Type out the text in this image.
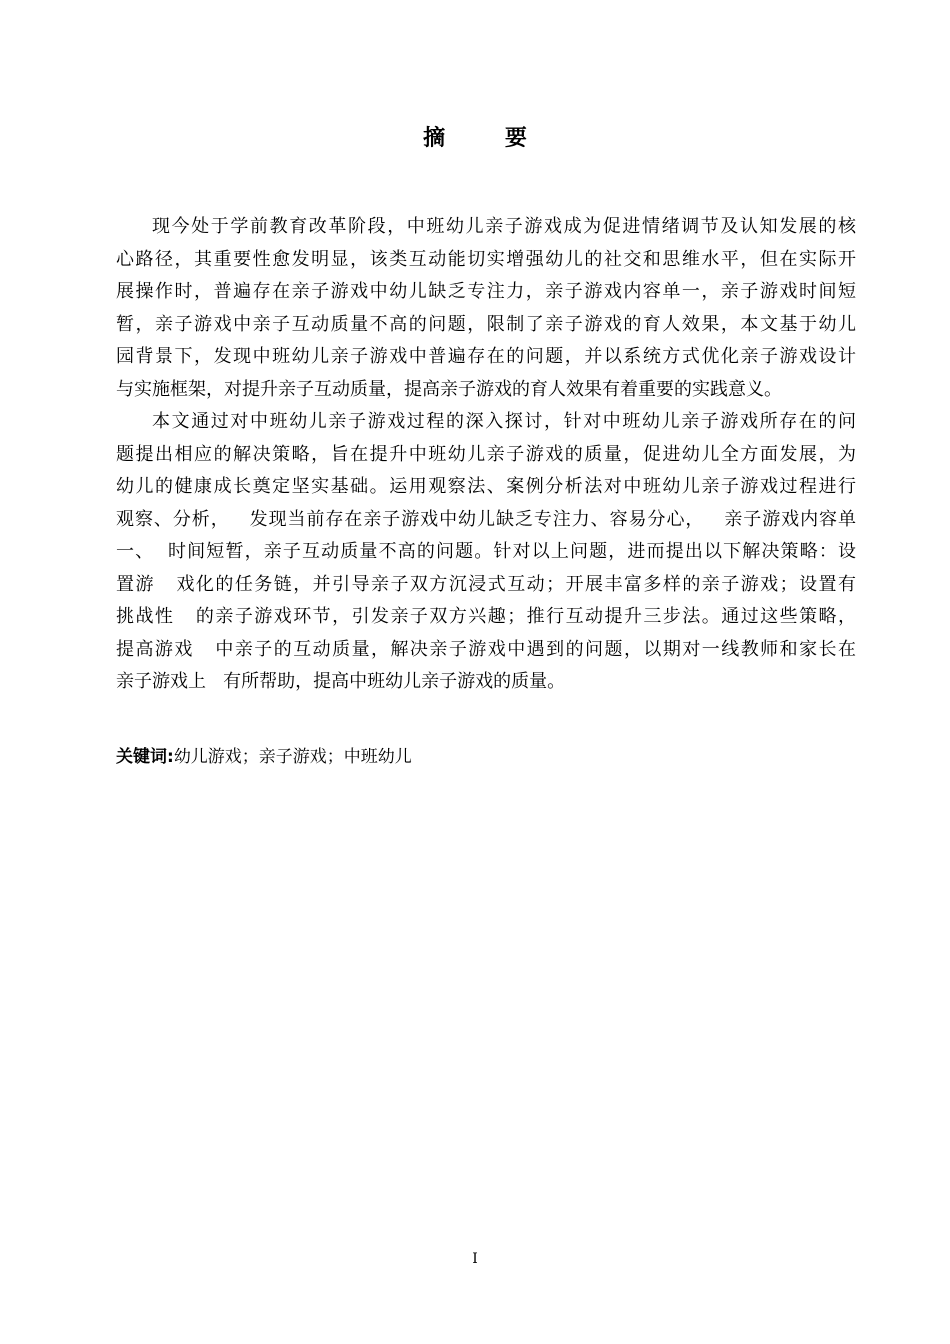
摘 要

现今处于学前教育改革阶段，中班幼儿亲子游戏成为促进情绪调节及认知发展的核
心路径，其重要性愈发明显，该类互动能切实增强幼儿的社交和思维水平，但在实际开
展操作时，普遍存在亲子游戏中幼儿缺乏专注力，亲子游戏内容单一，亲子游戏时间短
暂，亲子游戏中亲子互动质量不高的问题，限制了亲子游戏的育人效果，本文基于幼儿
园背景下，发现中班幼儿亲子游戏中普遍存在的问题，并以系统方式优化亲子游戏设计
与实施框架，对提升亲子互动质量，提高亲子游戏的育人效果有着重要的实践意义。

本文通过对中班幼儿亲子游戏过程的深入探讨，针对中班幼儿亲子游戏所存在的问
题提出相应的解决策略，旨在提升中班幼儿亲子游戏的质量，促进幼儿全方面发展，为
幼儿的健康成长奠定坚实基础。运用观察法、案例分析法对中班幼儿亲子游戏过程进行
观察、分析，   发现当前存在亲子游戏中幼儿缺乏专注力、容易分心，   亲子游戏内容单
一、  时间短暂，亲子互动质量不高的问题。针对以上问题，进而提出以下解决策略：设
置游   戏化的任务链，并引导亲子双方沉浸式互动；开展丰富多样的亲子游戏；设置有
挑战性   的亲子游戏环节，引发亲子双方兴趣；推行互动提升三步法。通过这些策略，
提高游戏   中亲子的互动质量，解决亲子游戏中遇到的问题，以期对一线教师和家长在
亲子游戏上   有所帮助，提高中班幼儿亲子游戏的质量。

关键词:幼儿游戏；亲子游戏；中班幼儿
I
